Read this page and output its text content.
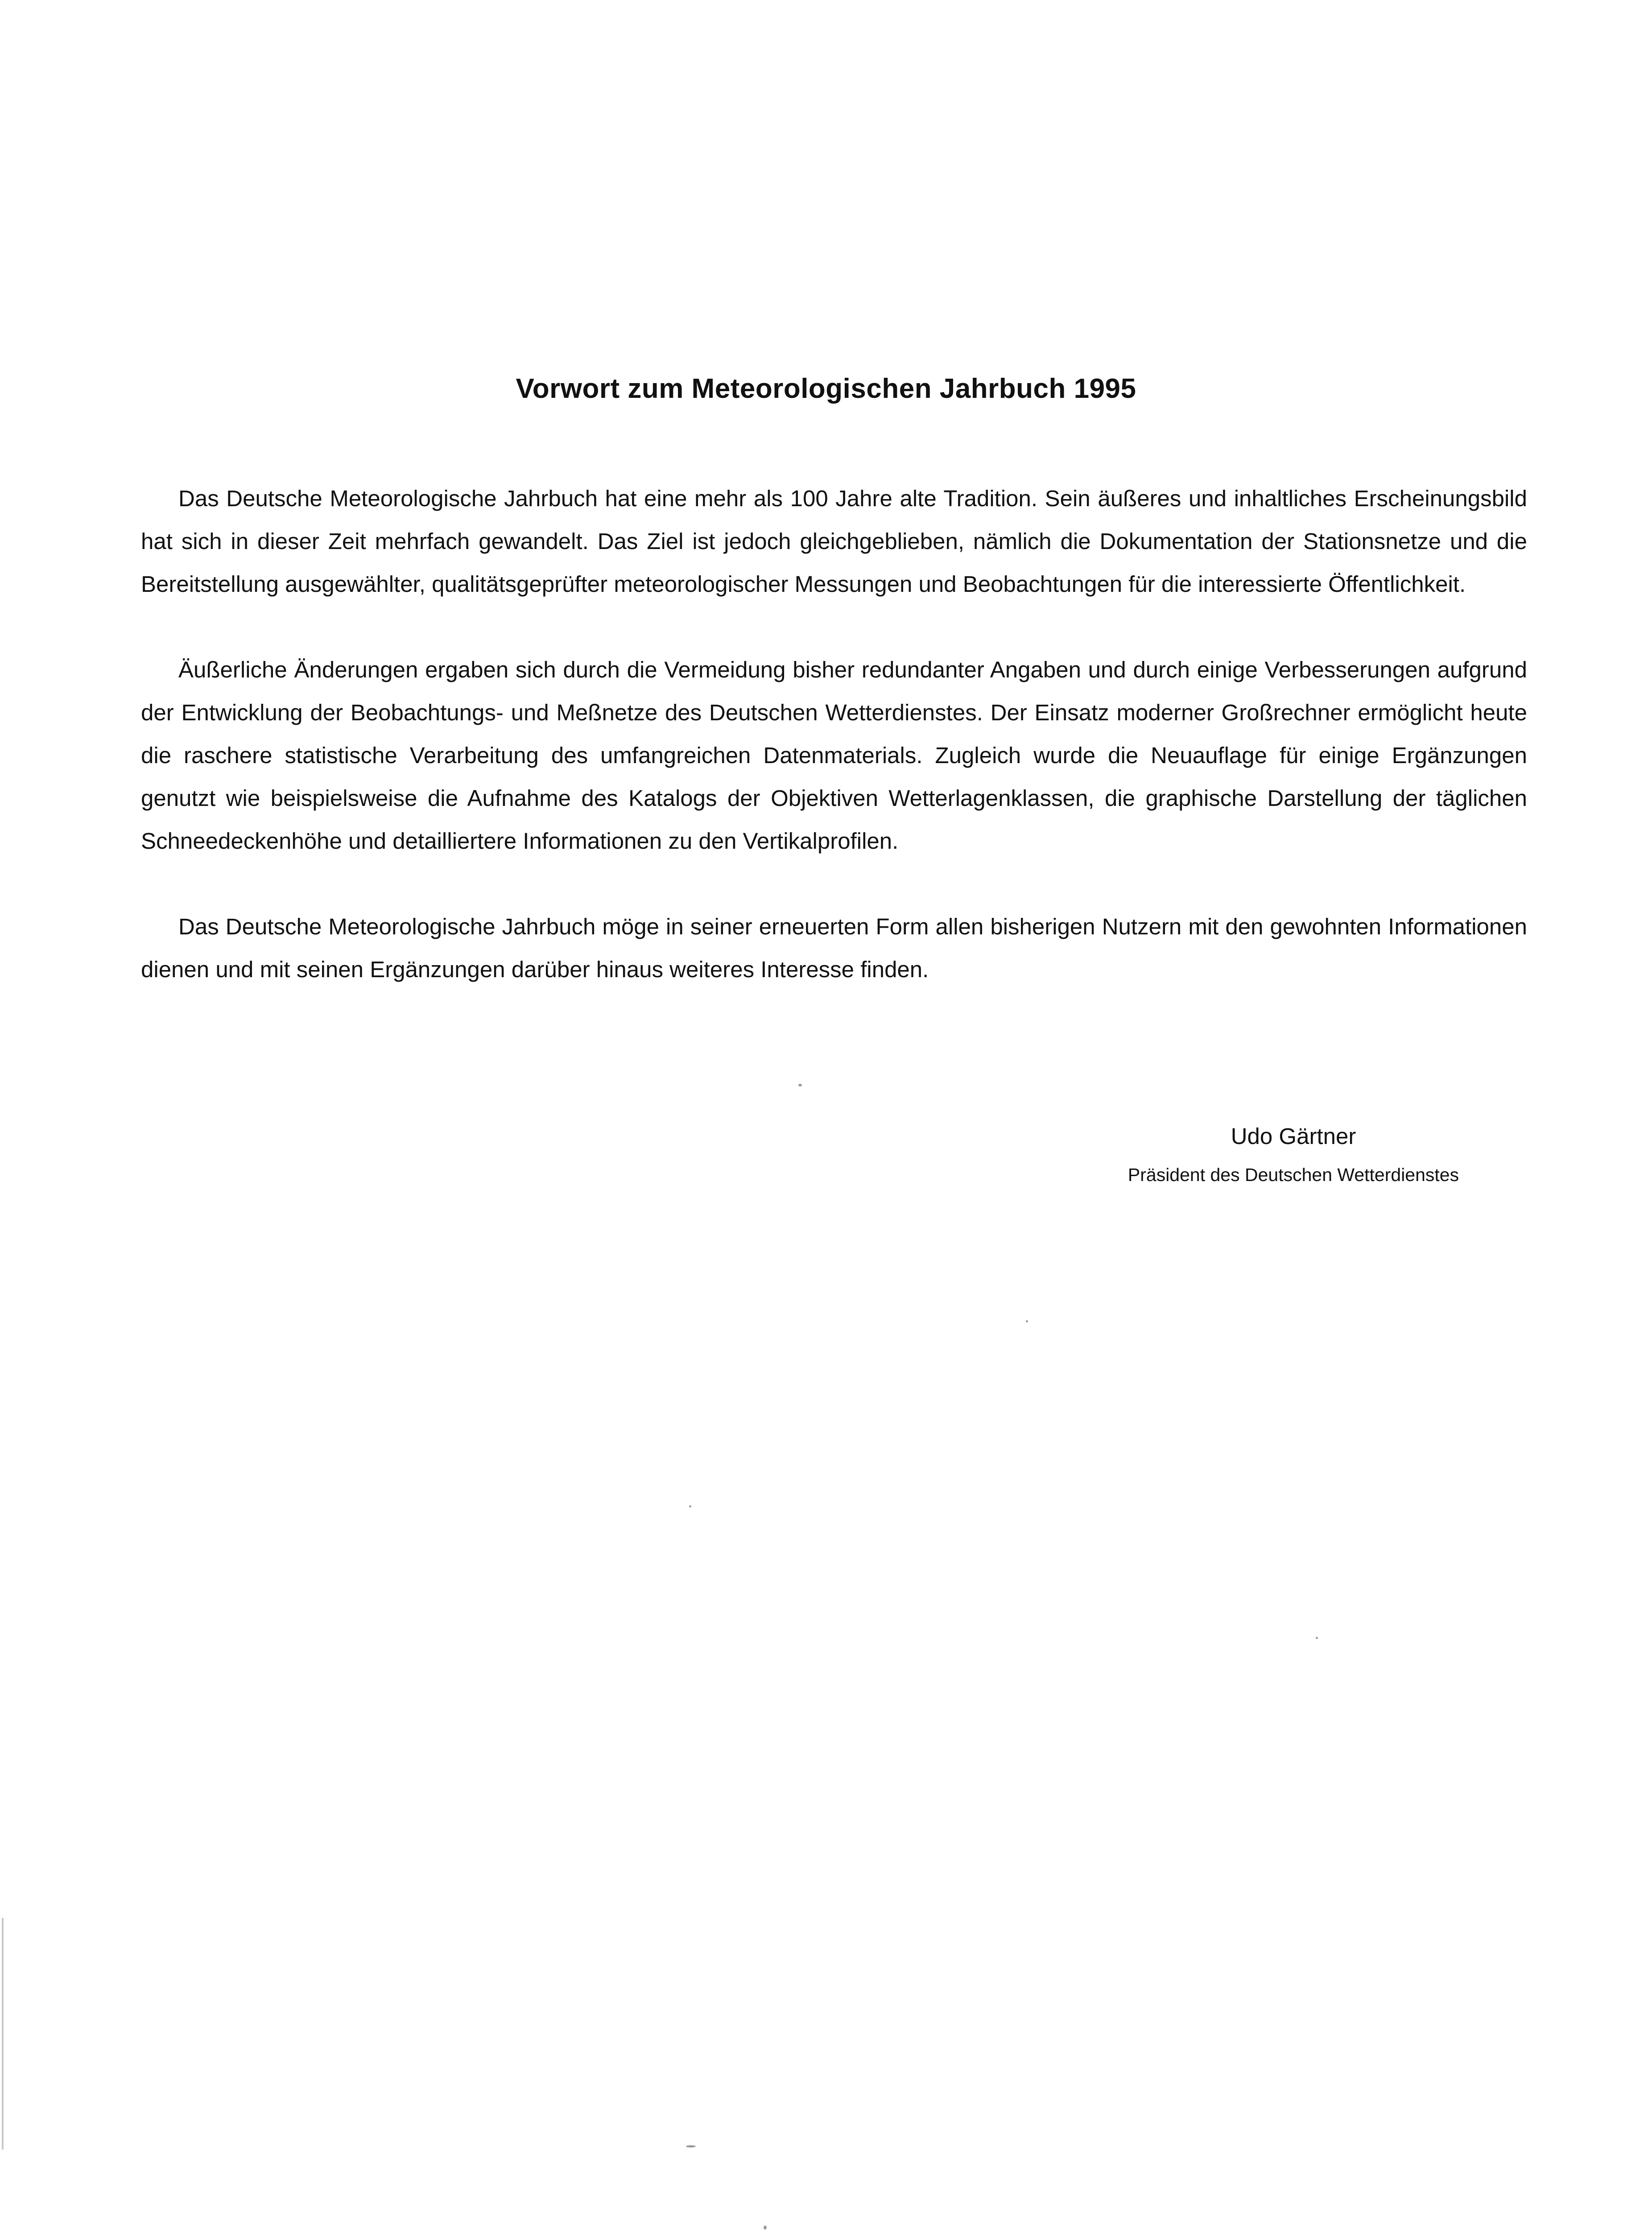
Vorwort zum Meteorologischen Jahrbuch 1995

Das Deutsche Meteorologische Jahrbuch hat eine mehr als 100 Jahre alte Tradition. Sein äußeres und inhaltliches Erscheinungsbild hat sich in dieser Zeit mehrfach gewandelt. Das Ziel ist jedoch gleichgeblieben, nämlich die Dokumentation der Stationsnetze und die Bereitstellung ausgewählter, qualitätsgeprüfter meteorologischer Messungen und Beobachtungen für die interessierte Öffentlichkeit.

Äußerliche Änderungen ergaben sich durch die Vermeidung bisher redundanter Angaben und durch einige Verbesserungen aufgrund der Entwicklung der Beobachtungs- und Meßnetze des Deutschen Wetterdienstes. Der Einsatz moderner Großrechner ermöglicht heute die raschere statistische Verarbeitung des umfangreichen Datenmaterials. Zugleich wurde die Neuauflage für einige Ergänzungen genutzt wie beispielsweise die Aufnahme des Katalogs der Objektiven Wetterlagenklassen, die graphische Darstellung der täglichen Schneedeckenhöhe und detailliertere Informationen zu den Vertikalprofilen.

Das Deutsche Meteorologische Jahrbuch möge in seiner erneuerten Form allen bisherigen Nutzern mit den gewohnten Informationen dienen und mit seinen Ergänzungen darüber hinaus weiteres Interesse finden.

Udo Gärtner
Präsident des Deutschen Wetterdienstes
